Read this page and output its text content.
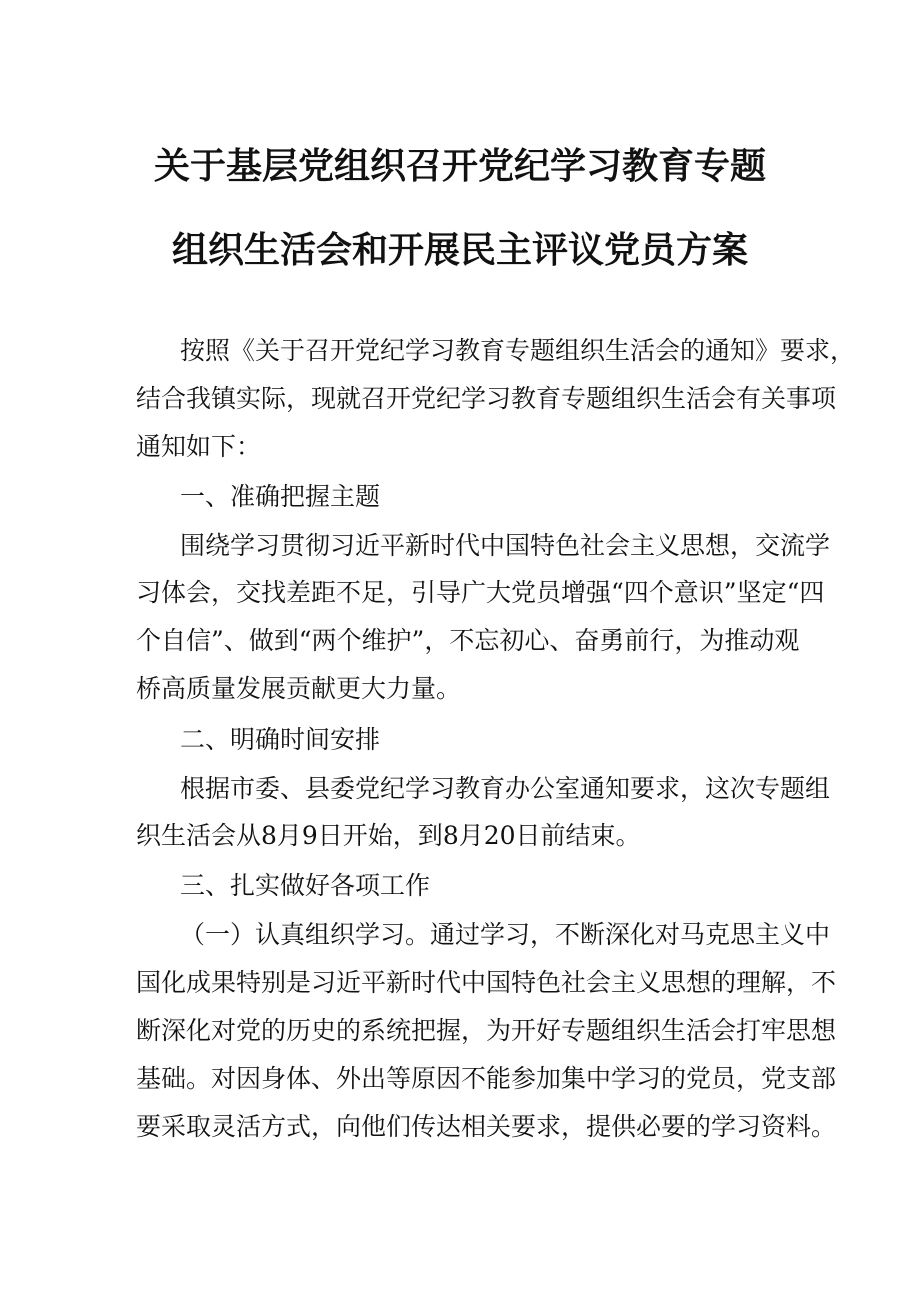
关于基层党组织召开党纪学习教育专题
组织生活会和开展民主评议党员方案
按照《关于召开党纪学习教育专题组织生活会的通知》要求，
结合我镇实际，现就召开党纪学习教育专题组织生活会有关事项
通知如下：
一、准确把握主题
围绕学习贯彻习近平新时代中国特色社会主义思想，交流学
习体会，交找差距不足，引导广大党员增强“四个意识”坚定“四
个自信”、做到“两个维护”，不忘初心、奋勇前行，为推动观
桥高质量发展贡献更大力量。
二、明确时间安排
根据市委、县委党纪学习教育办公室通知要求，这次专题组
织生活会从8月9日开始，到8月20日前结束。
三、扎实做好各项工作
（一）认真组织学习。通过学习，不断深化对马克思主义中
国化成果特别是习近平新时代中国特色社会主义思想的理解，不
断深化对党的历史的系统把握，为开好专题组织生活会打牢思想
基础。对因身体、外出等原因不能参加集中学习的党员，党支部
要采取灵活方式，向他们传达相关要求，提供必要的学习资料。
